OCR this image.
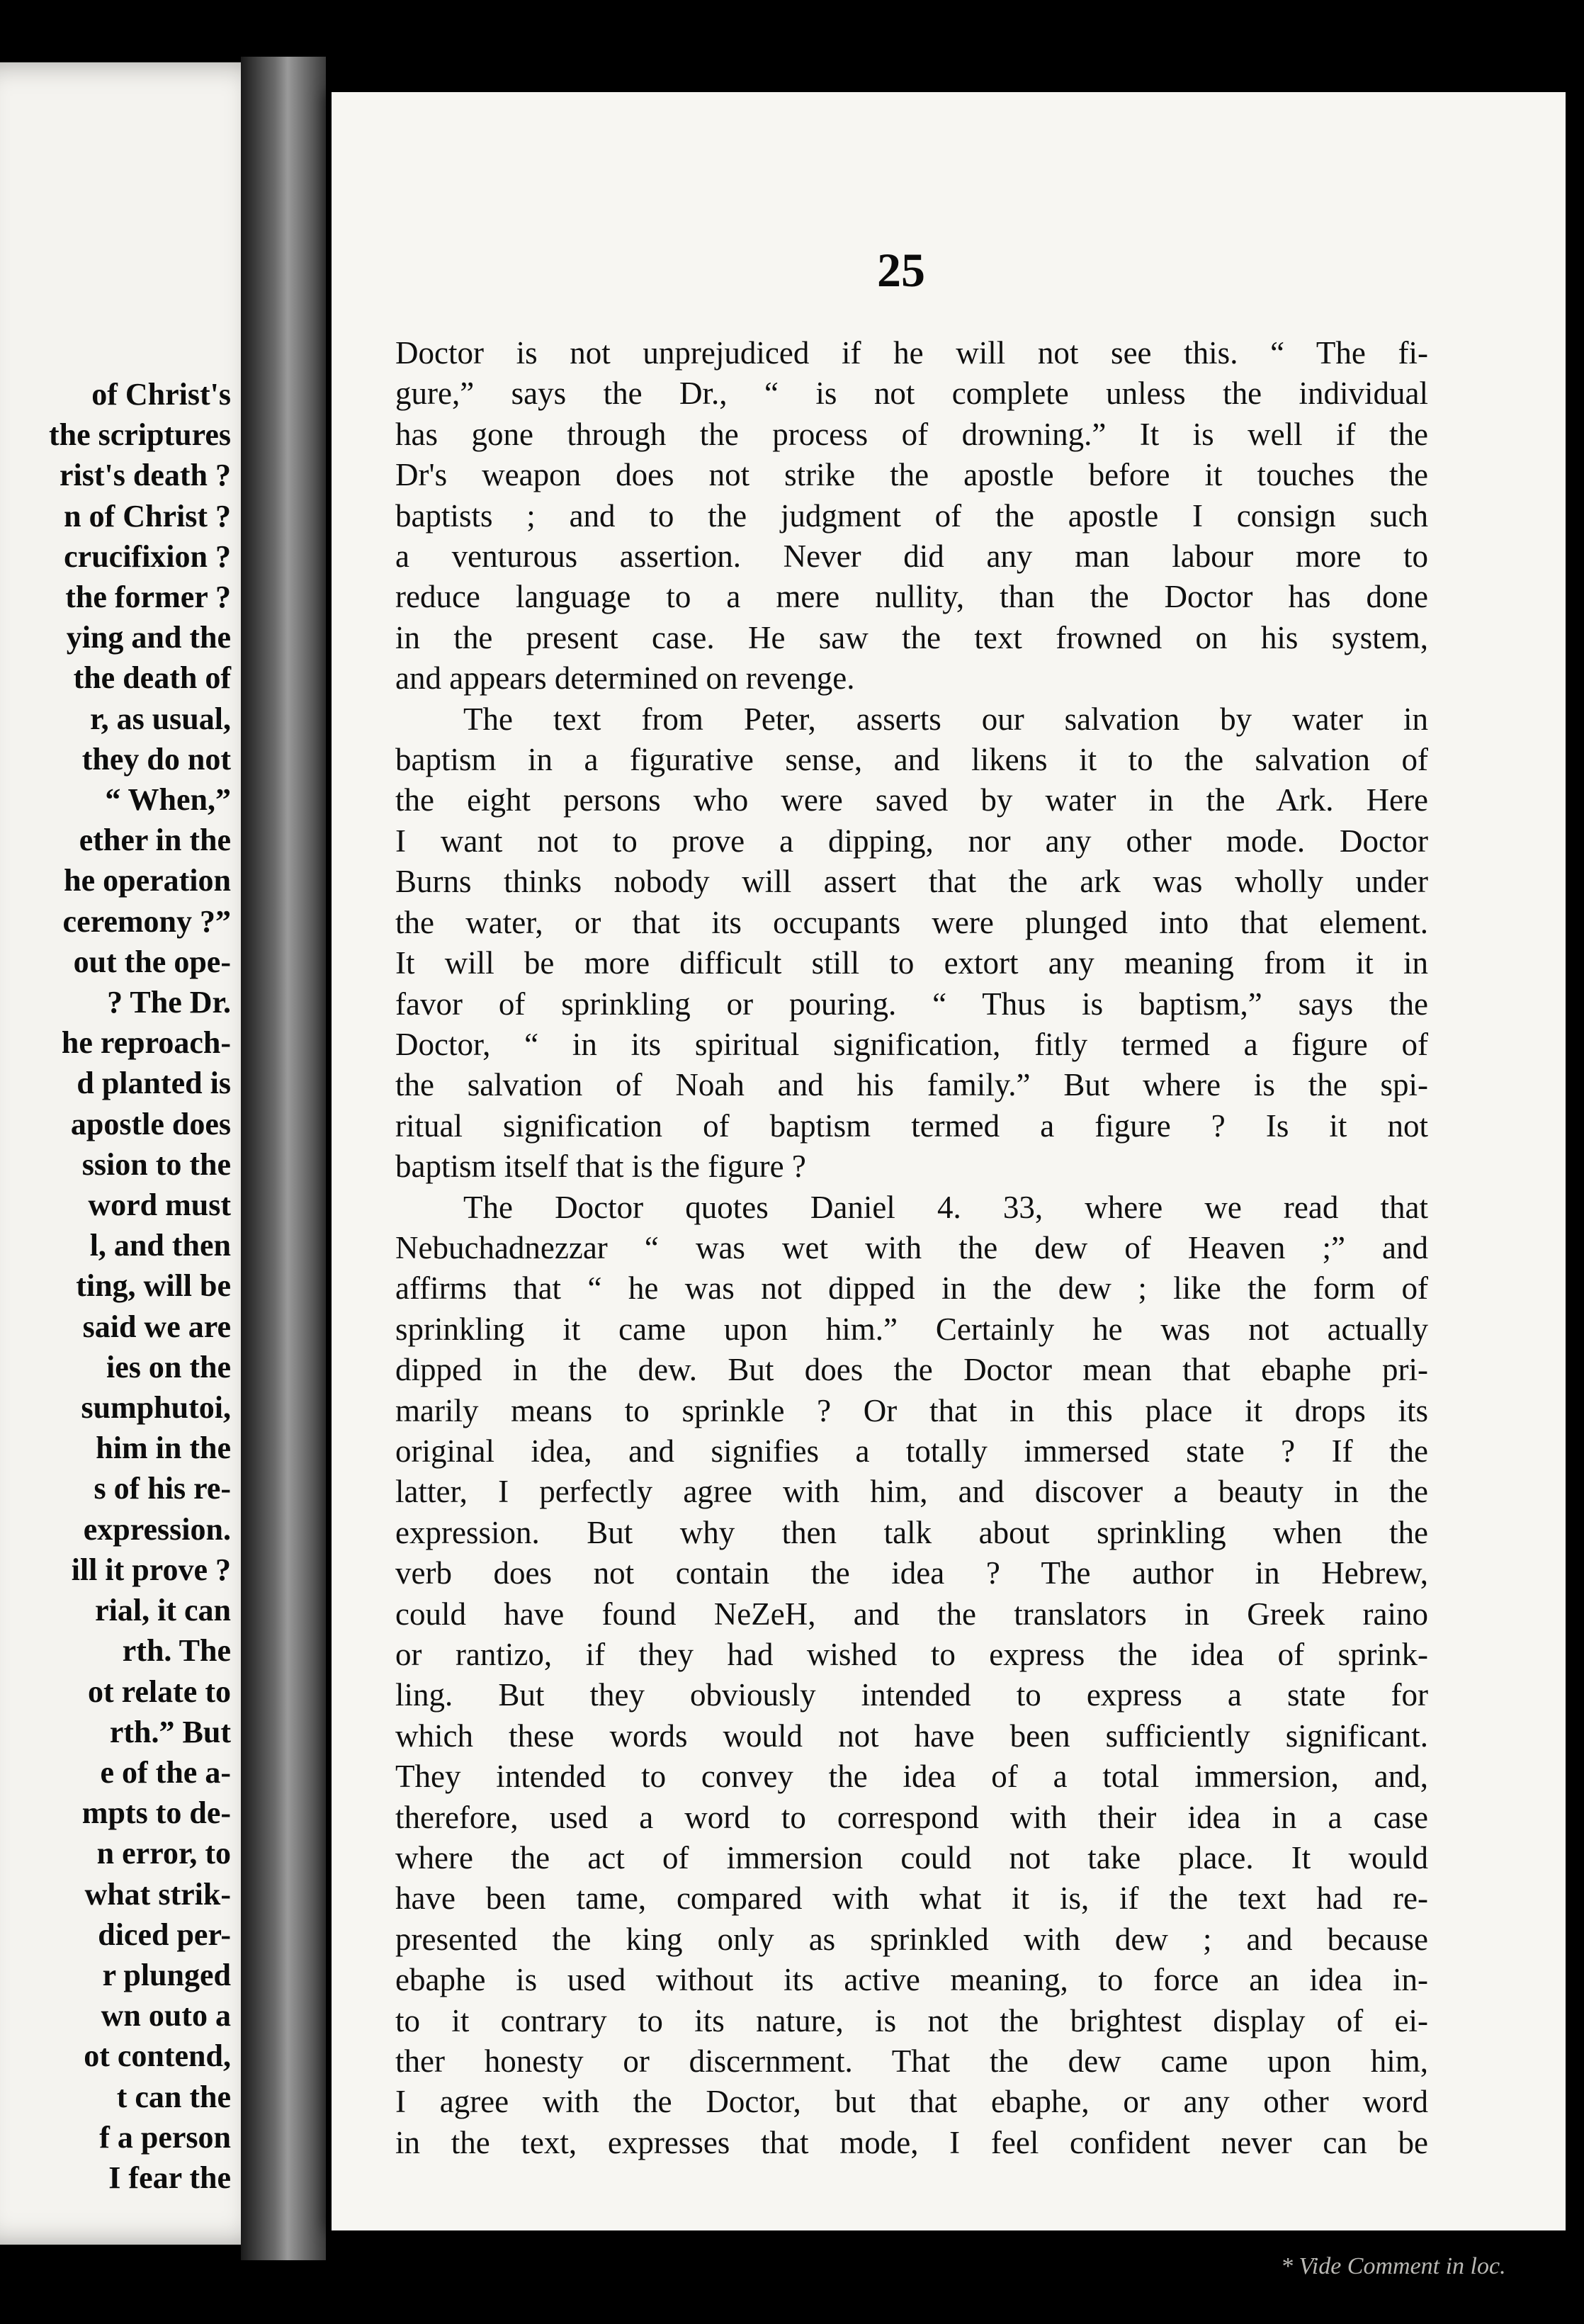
of Christ's
the scriptures
rist's death ?
n of Christ ?
crucifixion ?
the former ?
ying and the
the death of
r, as usual,
they do not
“ When,”
ether in the
he operation
ceremony ?”
out the ope-
? The Dr.
he reproach-
d planted is
apostle does
ssion to the
word must
l, and then
ting, will be
said we are
ies on the
sumphutoi,
him in the
s of his re-
expression.
ill it prove ?
rial, it can
rth. The
ot relate to
rth.” But
e of the a-
mpts to de-
n error, to
what strik-
diced per-
r plunged
wn outo a
ot contend,
t can the
f a person
I fear the
25
Doctor is not unprejudiced if he will not see this. “ The fi-
gure,” says the Dr., “ is not complete unless the individual
has gone through the process of drowning.” It is well if the
Dr's weapon does not strike the apostle before it touches the
baptists ; and to the judgment of the apostle I consign such
a venturous assertion. Never did any man labour more to
reduce language to a mere nullity, than the Doctor has done
in the present case. He saw the text frowned on his system,
and appears determined on revenge.
The text from Peter, asserts our salvation by water in
baptism in a figurative sense, and likens it to the salvation of
the eight persons who were saved by water in the Ark. Here
I want not to prove a dipping, nor any other mode. Doctor
Burns thinks nobody will assert that the ark was wholly under
the water, or that its occupants were plunged into that element.
It will be more difficult still to extort any meaning from it in
favor of sprinkling or pouring. “ Thus is baptism,” says the
Doctor, “ in its spiritual signification, fitly termed a figure of
the salvation of Noah and his family.” But where is the spi-
ritual signification of baptism termed a figure ? Is it not
baptism itself that is the figure ?
The Doctor quotes Daniel 4. 33, where we read that
Nebuchadnezzar “ was wet with the dew of Heaven ;” and
affirms that “ he was not dipped in the dew ; like the form of
sprinkling it came upon him.” Certainly he was not actually
dipped in the dew. But does the Doctor mean that ebaphe pri-
marily means to sprinkle ? Or that in this place it drops its
original idea, and signifies a totally immersed state ? If the
latter, I perfectly agree with him, and discover a beauty in the
expression. But why then talk about sprinkling when the
verb does not contain the idea ? The author in Hebrew,
could have found NeZeH, and the translators in Greek raino
or rantizo, if they had wished to express the idea of sprink-
ling. But they obviously intended to express a state for
which these words would not have been sufficiently significant.
They intended to convey the idea of a total immersion, and,
therefore, used a word to correspond with their idea in a case
where the act of immersion could not take place. It would
have been tame, compared with what it is, if the text had re-
presented the king only as sprinkled with dew ; and because
ebaphe is used without its active meaning, to force an idea in-
to it contrary to its nature, is not the brightest display of ei-
ther honesty or discernment. That the dew came upon him,
I agree with the Doctor, but that ebaphe, or any other word
in the text, expresses that mode, I feel confident never can be
* Vide Comment in loc.
